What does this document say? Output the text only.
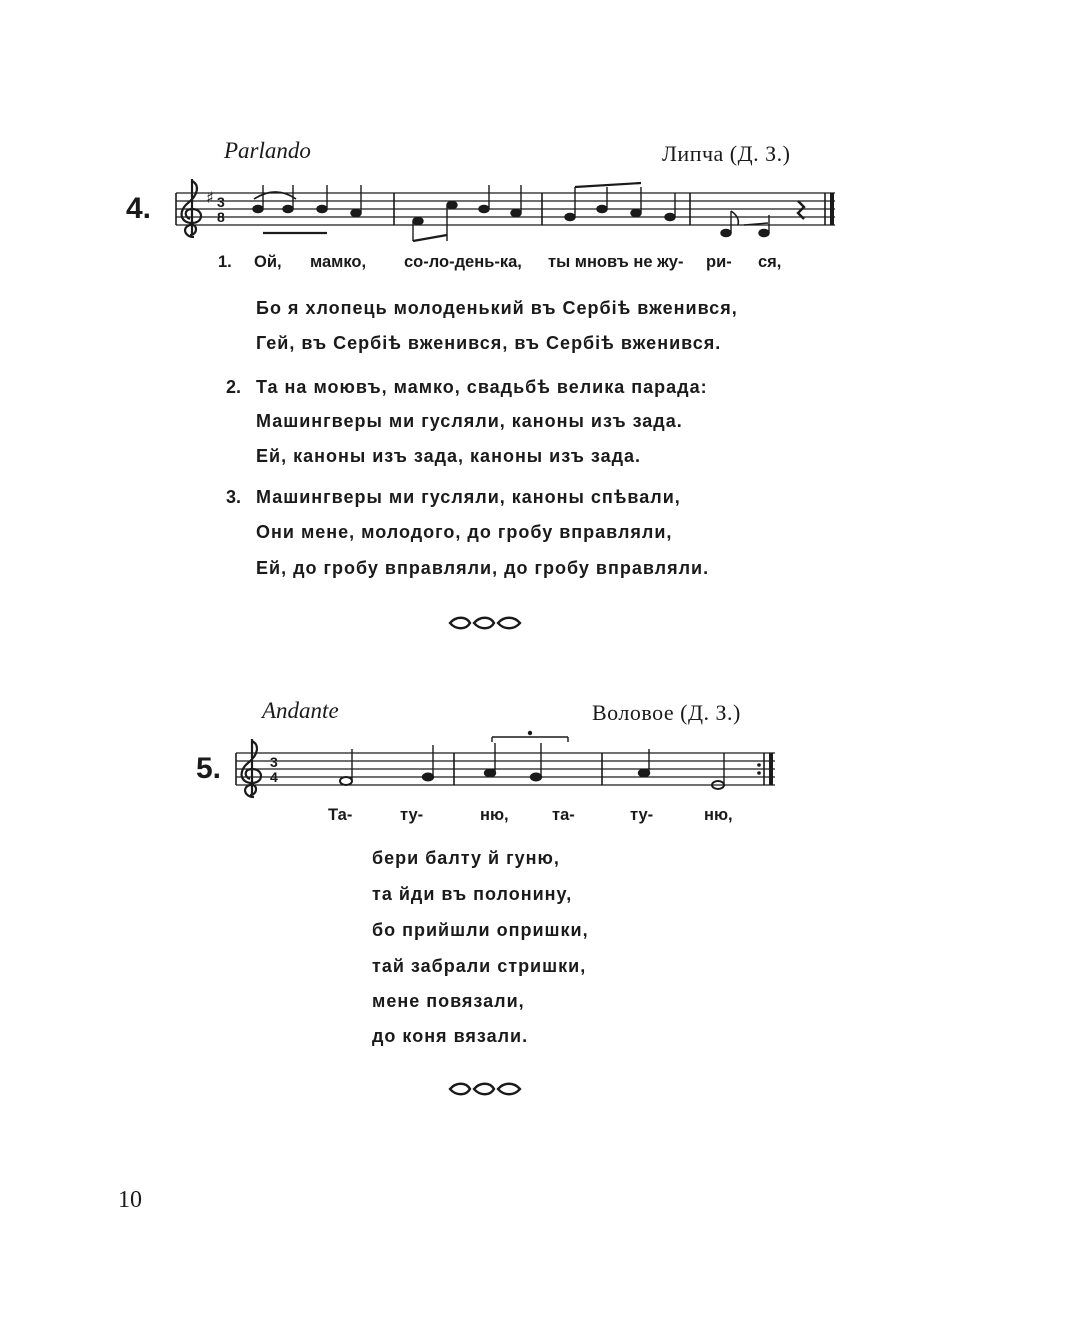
Parlando	Липча (Д. З.)
4.	♯ 3
8
1. Ой, мамко, со-ло-день-ка, ты мновъ не жу- ри- ся,
Бо я хлопець молоденький въ Сербiѣ вженився,
Гей, въ Сербiѣ вженився, въ Сербiѣ вженився.
2. Та на моювъ, мамко, свадьбѣ велика парада:
Машингверы ми гусляли, каноны изъ зада.
Ей, каноны изъ зада, каноны изъ зада.
3. Машингверы ми гусляли, каноны спѣвали,
Они мене, молодого, до гробу вправляли,
Ей, до гробу вправляли, до гробу вправляли.
Andante	Воловое (Д. З.)
5.	3
4
Та-	ту-	ню,	та-	ту-	ню,
бери балту й гуню,
та йди въ полонину,
бо прийшли опришки,
тай забрали стришки,
мене повязали,
до коня вязали.
10
